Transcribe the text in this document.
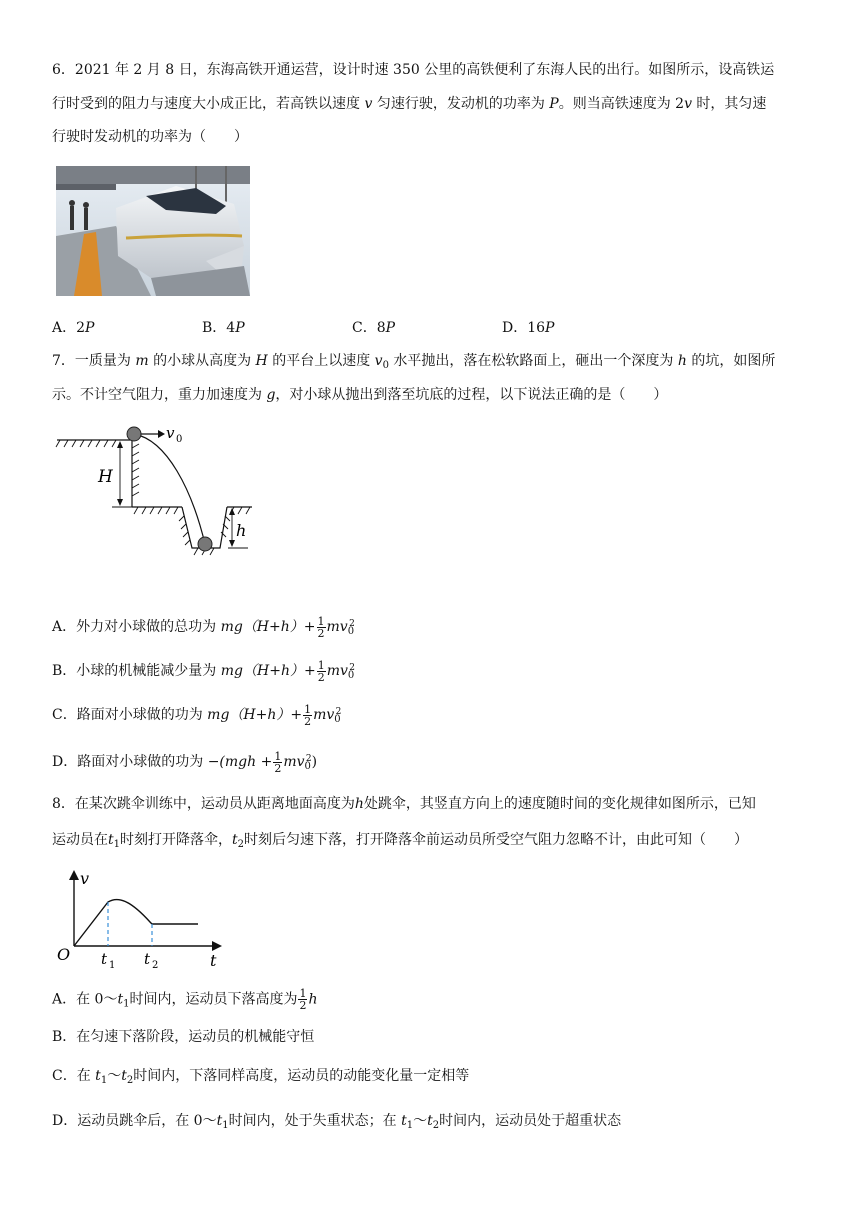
6．2021 年 2 月 8 日，东海高铁开通运营，设计时速 350 公里的高铁便利了东海人民的出行。如图所示，设高铁运
行时受到的阻力与速度大小成正比，若高铁以速度 v 匀速行驶，发动机的功率为 P。则当高铁速度为 2v 时，其匀速
行驶时发动机的功率为（　　）
A．2P	B．4P	C．8P	D．16P
7．一质量为 m 的小球从高度为 H 的平台上以速度 $v_0$ 水平抛出，落在松软路面上，砸出一个深度为 h 的坑，如图所
示。不计空气阻力，重力加速度为 g，对小球从抛出到落至坑底的过程，以下说法正确的是（　　）
v 0
H
h
A．外力对小球做的总功为 $mg(H+h)+ \frac{1}{2} mv_0^2$
B．小球的机械能减少量为 $mg(H+h)+ \frac{1}{2} mv_0^2$
C．路面对小球做的功为 $mg(H+h)+ \frac{1}{2} mv_0^2$
D．路面对小球做的功为 $-(mgh + \frac{1}{2} mv_0^2)$
8．在某次跳伞训练中，运动员从距离地面高度为h处跳伞，其竖直方向上的速度随时间的变化规律如图所示，已知
运动员在$t_1$时刻打开降落伞，$t_2$时刻后匀速下落，打开降落伞前运动员所受空气阻力忽略不计，由此可知（　　）
v
O	t
t 1 t 2
A．在 $0\sim t_1$时间内，运动员下落高度为 $\frac{1}{2}$ h
B．在匀速下落阶段，运动员的机械能守恒
C．在 $t_1\sim t_2$时间内，下落同样高度，运动员的动能变化量一定相等
D．运动员跳伞后，在 $0\sim t_1$时间内，处于失重状态；在 $t_1\sim t_2$时间内，运动员处于超重状态
